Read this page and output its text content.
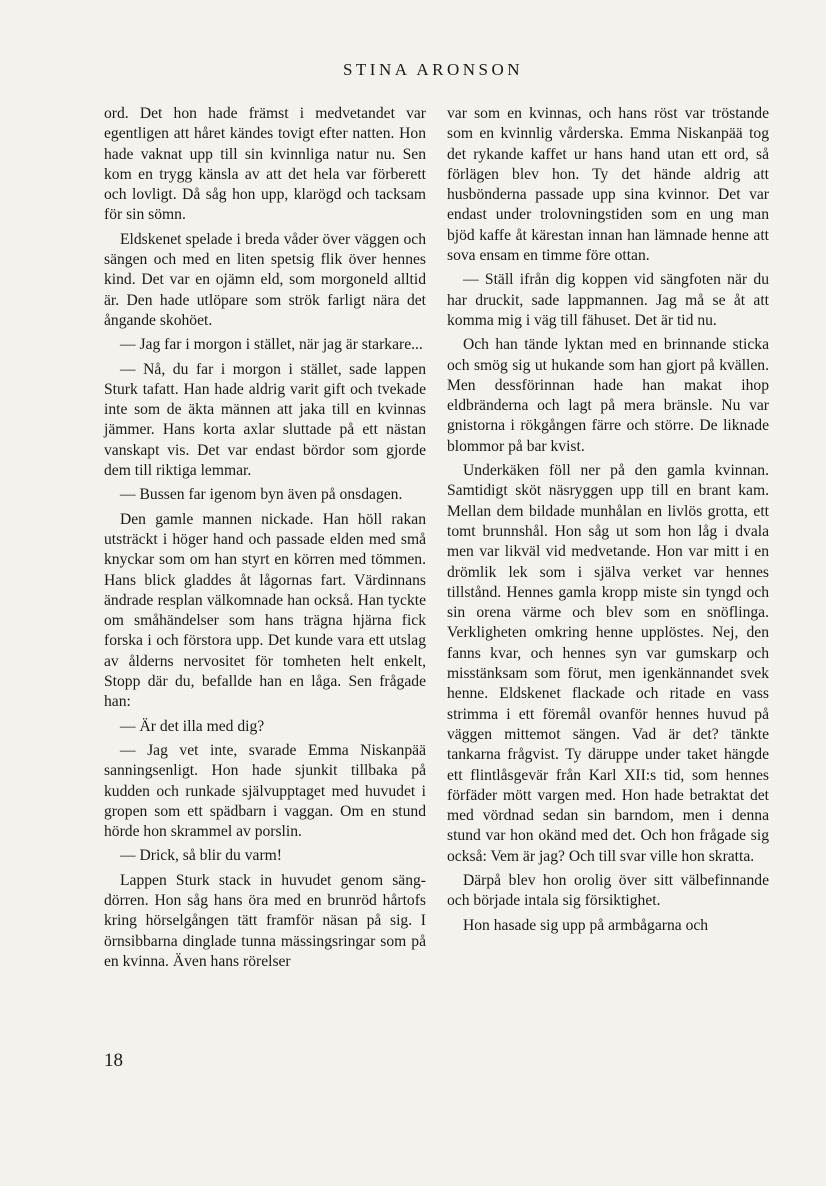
STINA ARONSON

ord. Det hon hade främst i medvetandet var egentligen att håret kändes tovigt efter natten. Hon hade vaknat upp till sin kvinnliga natur nu. Sen kom en trygg känsla av att det hela var förberett och lovligt. Då såg hon upp, klarögd och tacksam för sin sömn.

Eldskenet spelade i breda våder över väggen och sängen och med en liten spetsig flik över hennes kind. Det var en ojämn eld, som morgoneld alltid är. Den hade utlöpare som strök farligt nära det ångande skohöet.

— Jag far i morgon i stället, när jag är starkare...

— Nå, du far i morgon i stället, sade lappen Sturk tafatt. Han hade aldrig varit gift och tvekade inte som de äkta männen att jaka till en kvinnas jämmer. Hans korta axlar sluttade på ett nästan vanskapt vis. Det var endast bördor som gjorde dem till riktiga lemmar.

— Bussen far igenom byn även på onsdagen.

Den gamle mannen nickade. Han höll rakan utsträckt i höger hand och passade elden med små knyckar som om han styrt en körren med tömmen. Hans blick gladdes åt lågornas fart. Värdinnans ändrade resplan välkomnade han också. Han tyckte om småhändelser som hans trägna hjärna fick forska i och förstora upp. Det kunde vara ett utslag av ålderns nervositet för tomheten helt enkelt, Stopp där du, befallde han en låga. Sen frågade han:

— Är det illa med dig?

— Jag vet inte, svarade Emma Niskanpää sanningsenligt. Hon hade sjunkit tillbaka på kudden och runkade självupptaget med huvudet i gropen som ett spädbarn i vaggan. Om en stund hörde hon skrammel av porslin.

— Drick, så blir du varm!

Lappen Sturk stack in huvudet genom sängdörren. Hon såg hans öra med en brunröd hårtofs kring hörselgången tätt framför näsan på sig. I örnsibbarna dinglade tunna mässingsringar som på en kvinna. Även hans rörelser

var som en kvinnas, och hans röst var tröstande som en kvinnlig vårderska. Emma Niskanpää tog det rykande kaffet ur hans hand utan ett ord, så förlägen blev hon. Ty det hände aldrig att husbönderna passade upp sina kvinnor. Det var endast under trolovningstiden som en ung man bjöd kaffe åt kärestan innan han lämnade henne att sova ensam en timme före ottan.

— Ställ ifrån dig koppen vid sängfoten när du har druckit, sade lappmannen. Jag må se åt att komma mig i väg till fähuset. Det är tid nu.

Och han tände lyktan med en brinnande sticka och smög sig ut hukande som han gjort på kvällen. Men dessförinnan hade han makat ihop eldbränderna och lagt på mera bränsle. Nu var gnistorna i rökgången färre och större. De liknade blommor på bar kvist.

Underkäken föll ner på den gamla kvinnan. Samtidigt sköt näsryggen upp till en brant kam. Mellan dem bildade munhålan en livlös grotta, ett tomt brunnshål. Hon såg ut som hon låg i dvala men var likväl vid medvetande. Hon var mitt i en drömlik lek som i själva verket var hennes tillstånd. Hennes gamla kropp miste sin tyngd och sin orena värme och blev som en snöflinga. Verkligheten omkring henne upplöstes. Nej, den fanns kvar, och hennes syn var gumskarp och misstänksam som förut, men igenkännandet svek henne. Eldskenet flackade och ritade en vass strimma i ett föremål ovanför hennes huvud på väggen mittemot sängen. Vad är det? tänkte tankarna frågvist. Ty däruppe under taket hängde ett flintlåsgevär från Karl XII:s tid, som hennes förfäder mött vargen med. Hon hade betraktat det med vördnad sedan sin barndom, men i denna stund var hon okänd med det. Och hon frågade sig också: Vem är jag? Och till svar ville hon skratta.

Därpå blev hon orolig över sitt välbefinnande och började intala sig försiktighet.

Hon hasade sig upp på armbågarna och

18
